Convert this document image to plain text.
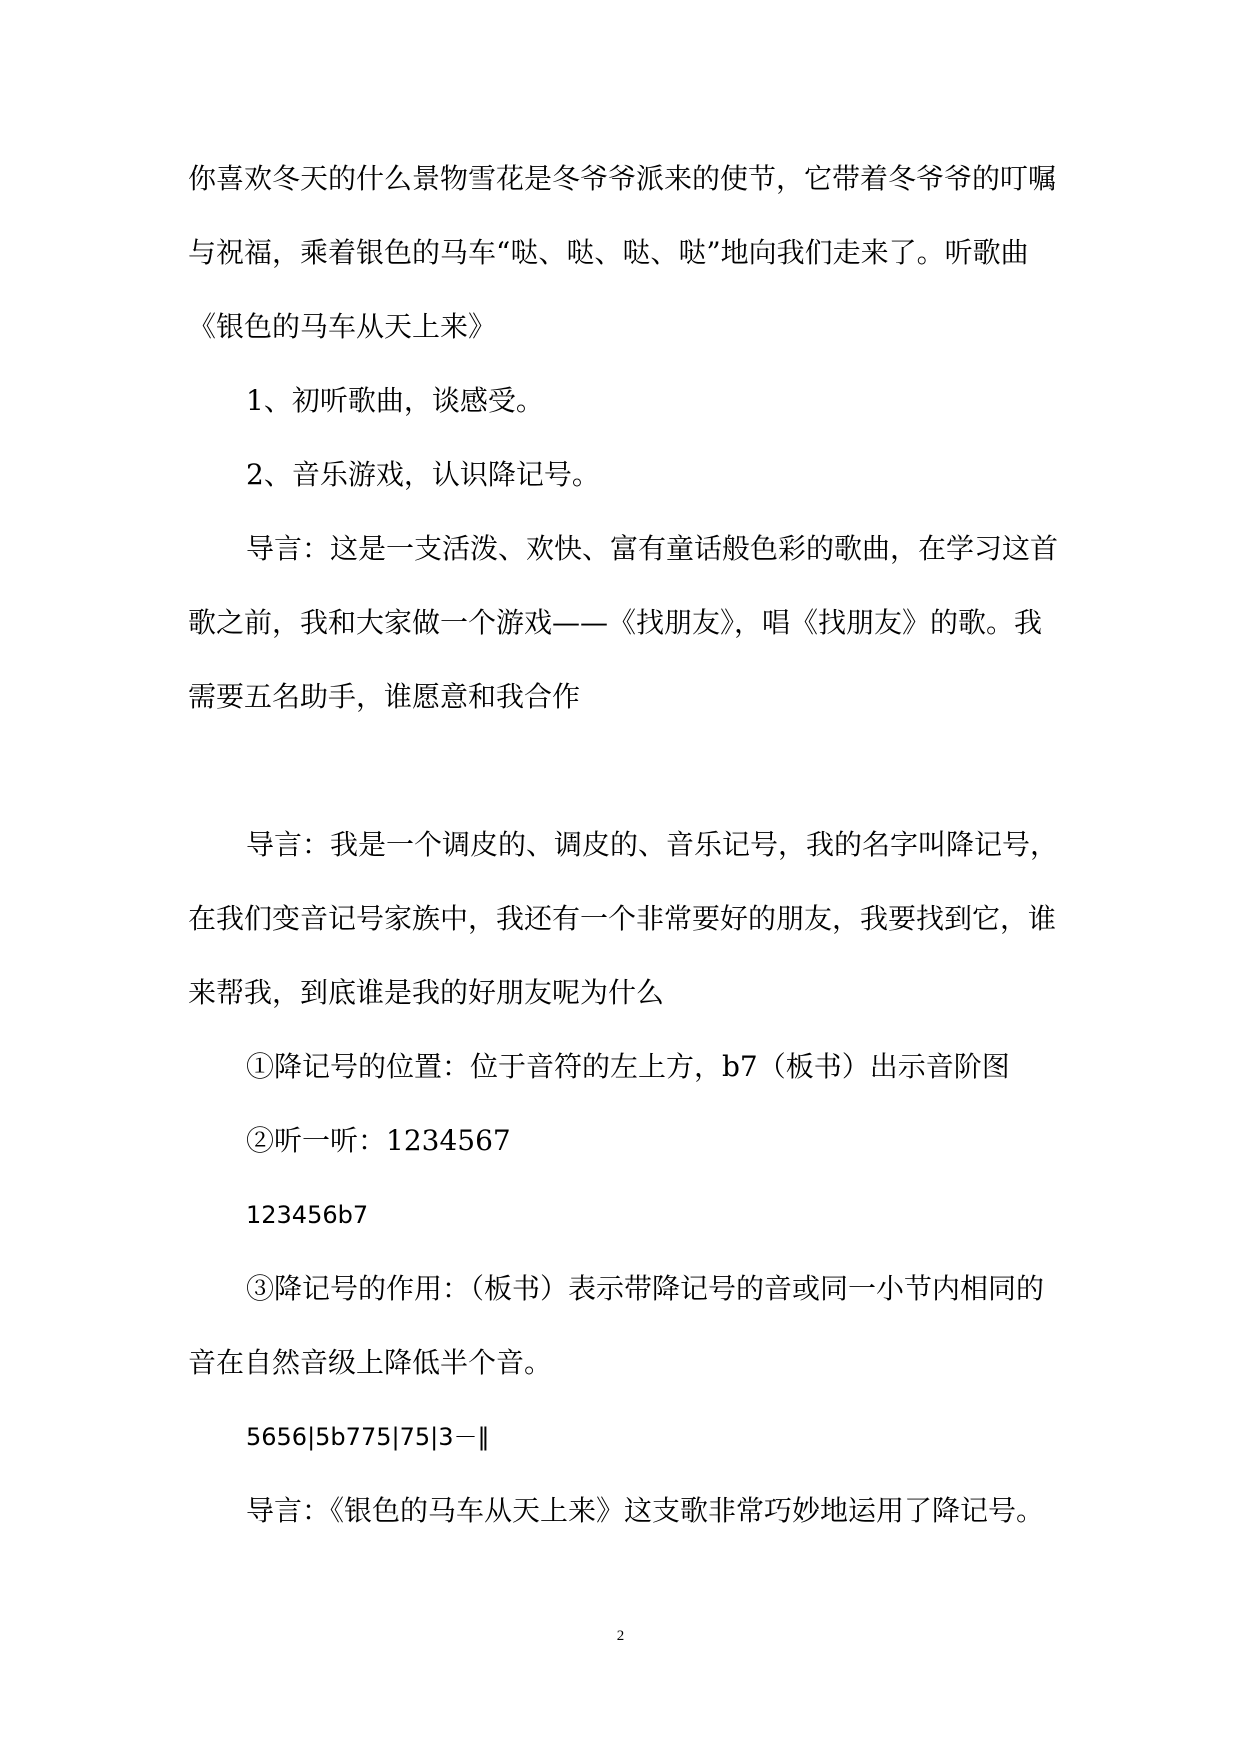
你喜欢冬天的什么景物雪花是冬爷爷派来的使节，它带着冬爷爷的叮嘱与祝福，乘着银色的马车“哒、哒、哒、哒”地向我们走来了。听歌曲《银色的马车从天上来》

1、初听歌曲，谈感受。

2、音乐游戏，认识降记号。

导言：这是一支活泼、欢快、富有童话般色彩的歌曲，在学习这首歌之前，我和大家做一个游戏——《找朋友》，唱《找朋友》的歌。我需要五名助手，谁愿意和我合作

导言：我是一个调皮的、调皮的、音乐记号，我的名字叫降记号，在我们变音记号家族中，我还有一个非常要好的朋友，我要找到它，谁来帮我，到底谁是我的好朋友呢为什么

①降记号的位置：位于音符的左上方，b7（板书）出示音阶图

②听一听：1234567

123456b7

③降记号的作用：（板书）表示带降记号的音或同一小节内相同的音在自然音级上降低半个音。

5656|5b775|75|3－‖

导言：《银色的马车从天上来》这支歌非常巧妙地运用了降记号。

2
